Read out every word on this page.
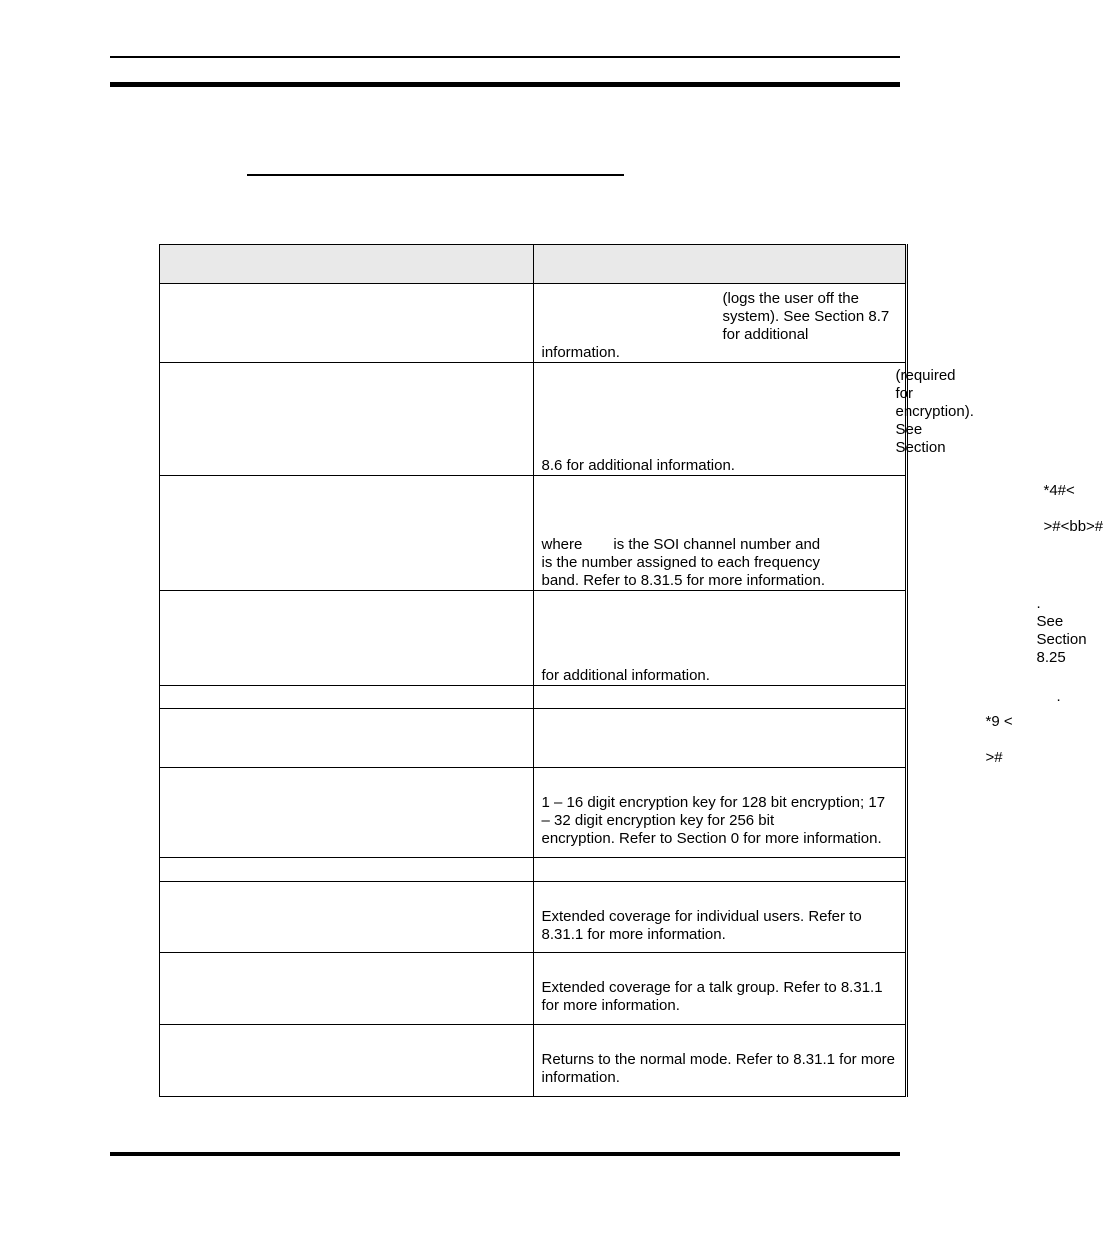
	(logs the user off the system). See Section 8.7 for additional
information.

	(required for encryption). See Section
8.6 for additional information.

	*4#<>#<bb>#
where is the SOI channel number andis the number assigned to each frequency
band. Refer to 8.31.5 for more information.

	. See Section 8.25
for additional information.

	.

	*9 <>#

	1 – 16 digit encryption key for 128 bit encryption; 17 – 32 digit encryption key for 256 bit
encryption. Refer to Section 0 for more information.

	Extended coverage for individual users. Refer to 8.31.1 for more information.

	Extended coverage for a talk group. Refer to 8.31.1 for more information.

	Returns to the normal mode. Refer to 8.31.1 for more information.
